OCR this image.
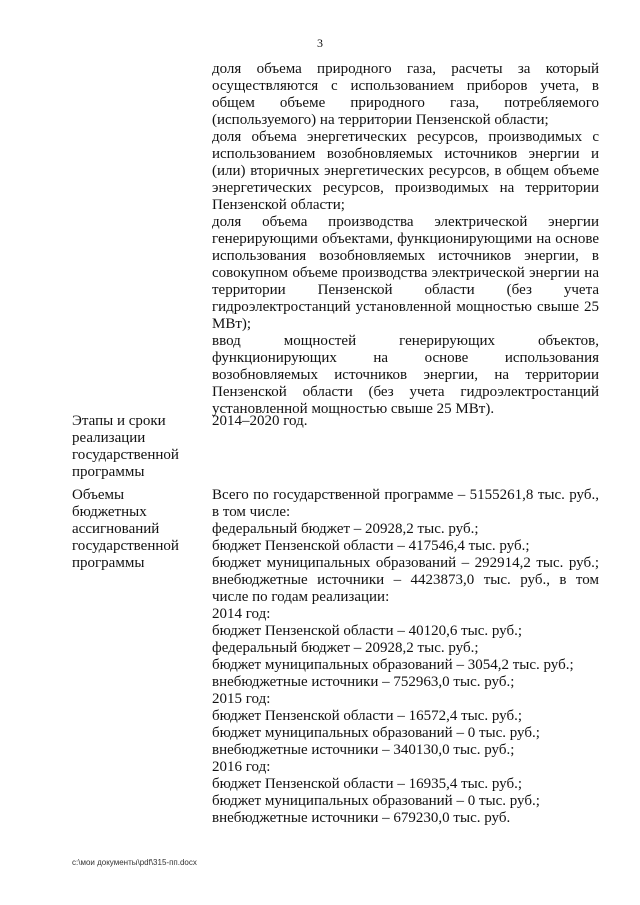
3

доля объема природного газа, расчеты за который осуществляются с использованием приборов учета, в общем объеме природного газа, потребляемого (используемого) на территории Пензенской области;

доля объема энергетических ресурсов, производимых с использованием возобновляемых источников энергии и (или) вторичных энергетических ресурсов, в общем объеме энергетических ресурсов, производимых на территории Пензенской области;

доля объема производства электрической энергии генерирующими объектами, функционирующими на основе использования возобновляемых источников энергии, в совокупном объеме производства электрической энергии на территории Пензенской области (без учета гидроэлектростанций установленной мощностью свыше 25 МВт);

ввод мощностей генерирующих объектов, функционирующих на основе использования возобновляемых источников энергии, на территории Пензенской области (без учета гидроэлектростанций установленной мощностью свыше 25 МВт).

Этапы и сроки
реализации
государственной
программы

2014–2020 год.

Объемы
бюджетных
ассигнований
государственной
программы

Всего по государственной программе – 5155261,8 тыс. руб., в том числе:

федеральный бюджет – 20928,2 тыс. руб.;

бюджет Пензенской области – 417546,4 тыс. руб.;

бюджет муниципальных образований – 292914,2 тыс. руб.;

внебюджетные источники – 4423873,0 тыс. руб., в том числе по годам реализации:

2014 год:

бюджет Пензенской области – 40120,6 тыс. руб.;

федеральный бюджет – 20928,2 тыс. руб.;

бюджет муниципальных образований – 3054,2 тыс. руб.;

внебюджетные источники – 752963,0 тыс. руб.;

2015 год:

бюджет Пензенской области – 16572,4 тыс. руб.;

бюджет муниципальных образований – 0 тыс. руб.;

внебюджетные источники – 340130,0 тыс. руб.;

2016 год:

бюджет Пензенской области – 16935,4 тыс. руб.;

бюджет муниципальных образований – 0 тыс. руб.;

внебюджетные источники – 679230,0 тыс. руб.

c:\мои документы\pdf\315-пп.docx
